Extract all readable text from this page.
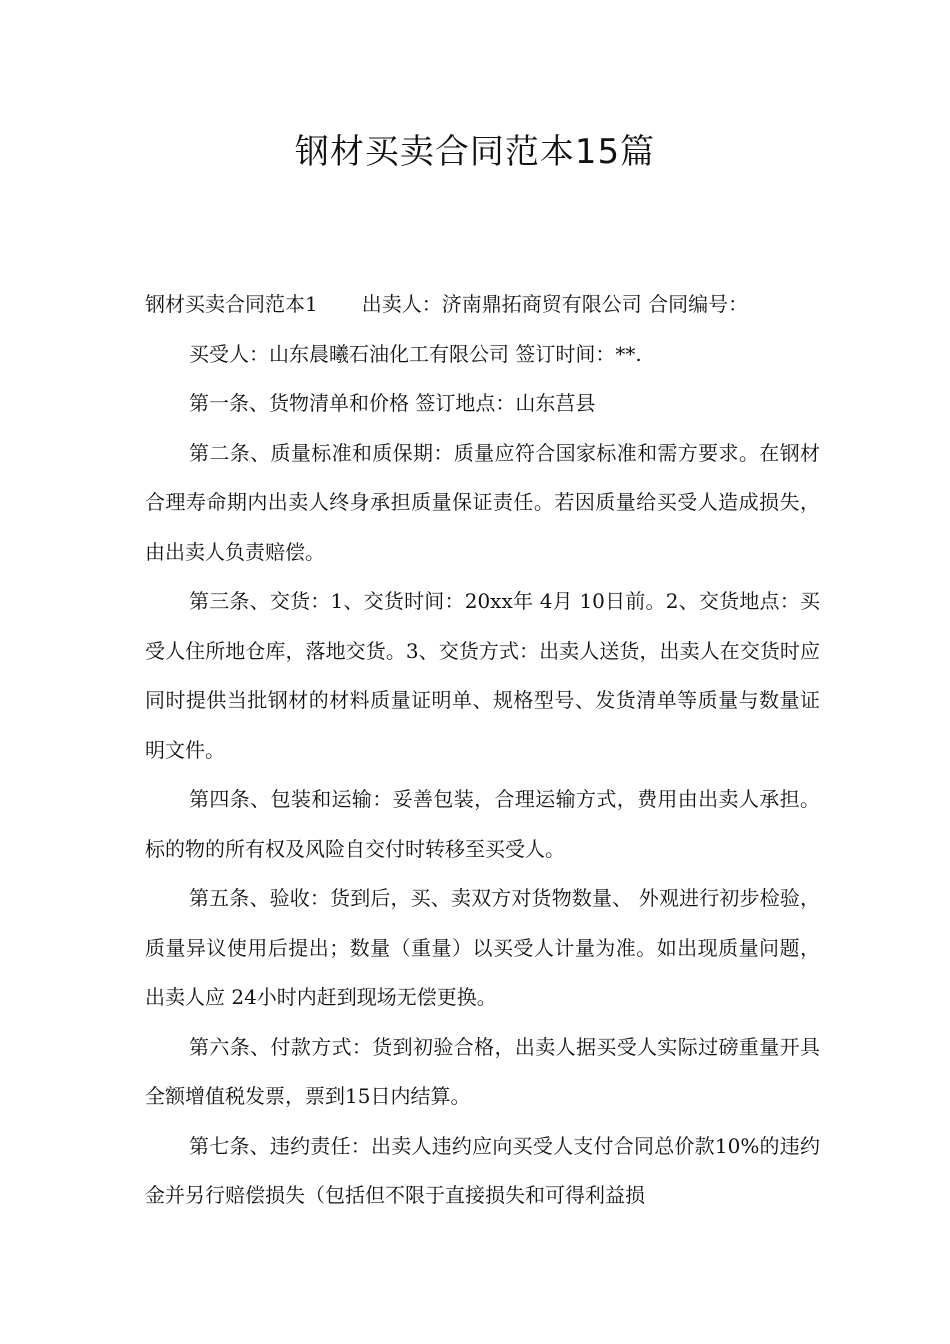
钢材买卖合同范本15篇

钢材买卖合同范本1 出卖人：济南鼎拓商贸有限公司 合同编号：

买受人：山东晨曦石油化工有限公司 签订时间：**.

第一条、货物清单和价格 签订地点：山东莒县

第二条、质量标准和质保期：质量应符合国家标准和需方要求。在钢材合理寿命期内出卖人终身承担质量保证责任。若因质量给买受人造成损失，由出卖人负责赔偿。

第三条、交货：1、交货时间：20xx年 4月 10日前。2、交货地点：买受人住所地仓库，落地交货。3、交货方式：出卖人送货，出卖人在交货时应同时提供当批钢材的材料质量证明单、规格型号、发货清单等质量与数量证明文件。

第四条、包装和运输：妥善包装，合理运输方式，费用由出卖人承担。标的物的所有权及风险自交付时转移至买受人。

第五条、验收：货到后，买、卖双方对货物数量、 外观进行初步检验，质量异议使用后提出；数量（重量）以买受人计量为准。如出现质量问题，出卖人应 24小时内赶到现场无偿更换。

第六条、付款方式：货到初验合格，出卖人据买受人实际过磅重量开具全额增值税发票，票到15日内结算。

第七条、违约责任：出卖人违约应向买受人支付合同总价款10%的违约金并另行赔偿损失（包括但不限于直接损失和可得利益损
